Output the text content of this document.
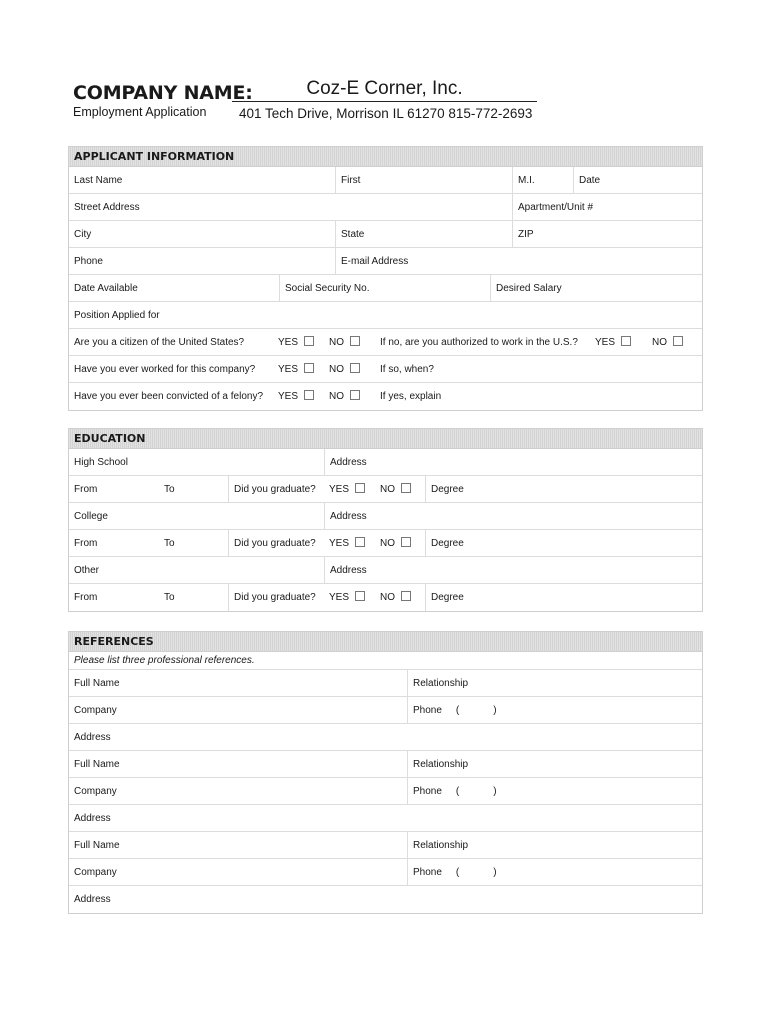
COMPANY NAME:	Coz-E Corner, Inc.
Employment Application 401 Tech Drive, Morrison IL 61270 815-772-2693
APPLICANT INFORMATION
Last Name	First	M.I.	Date
Street Address	Apartment/Unit #
City	State	ZIP
Phone	E-mail Address
Date Available	Social Security No.	Desired Salary
Position Applied for
Are you a citizen of the United States?	YES	NO	If no, are you authorized to work in the U.S.? YES	NO
Have you ever worked for this company? YES	NO	If so, when?
Have you ever been convicted of a felony? YES	NO	If yes, explain
EDUCATION
High School	Address
From	To	Did you graduate?	YES	NO	Degree
College	Address
From	To	Did you graduate?	YES	NO	Degree
Other	Address
From	To	Did you graduate?	YES	NO	Degree
REFERENCES
Please list three professional references.
Full Name	Relationship
Company	Phone (	)
Address
Full Name	Relationship
Company	Phone (	)
Address
Full Name	Relationship
Company	Phone (	)
Address
